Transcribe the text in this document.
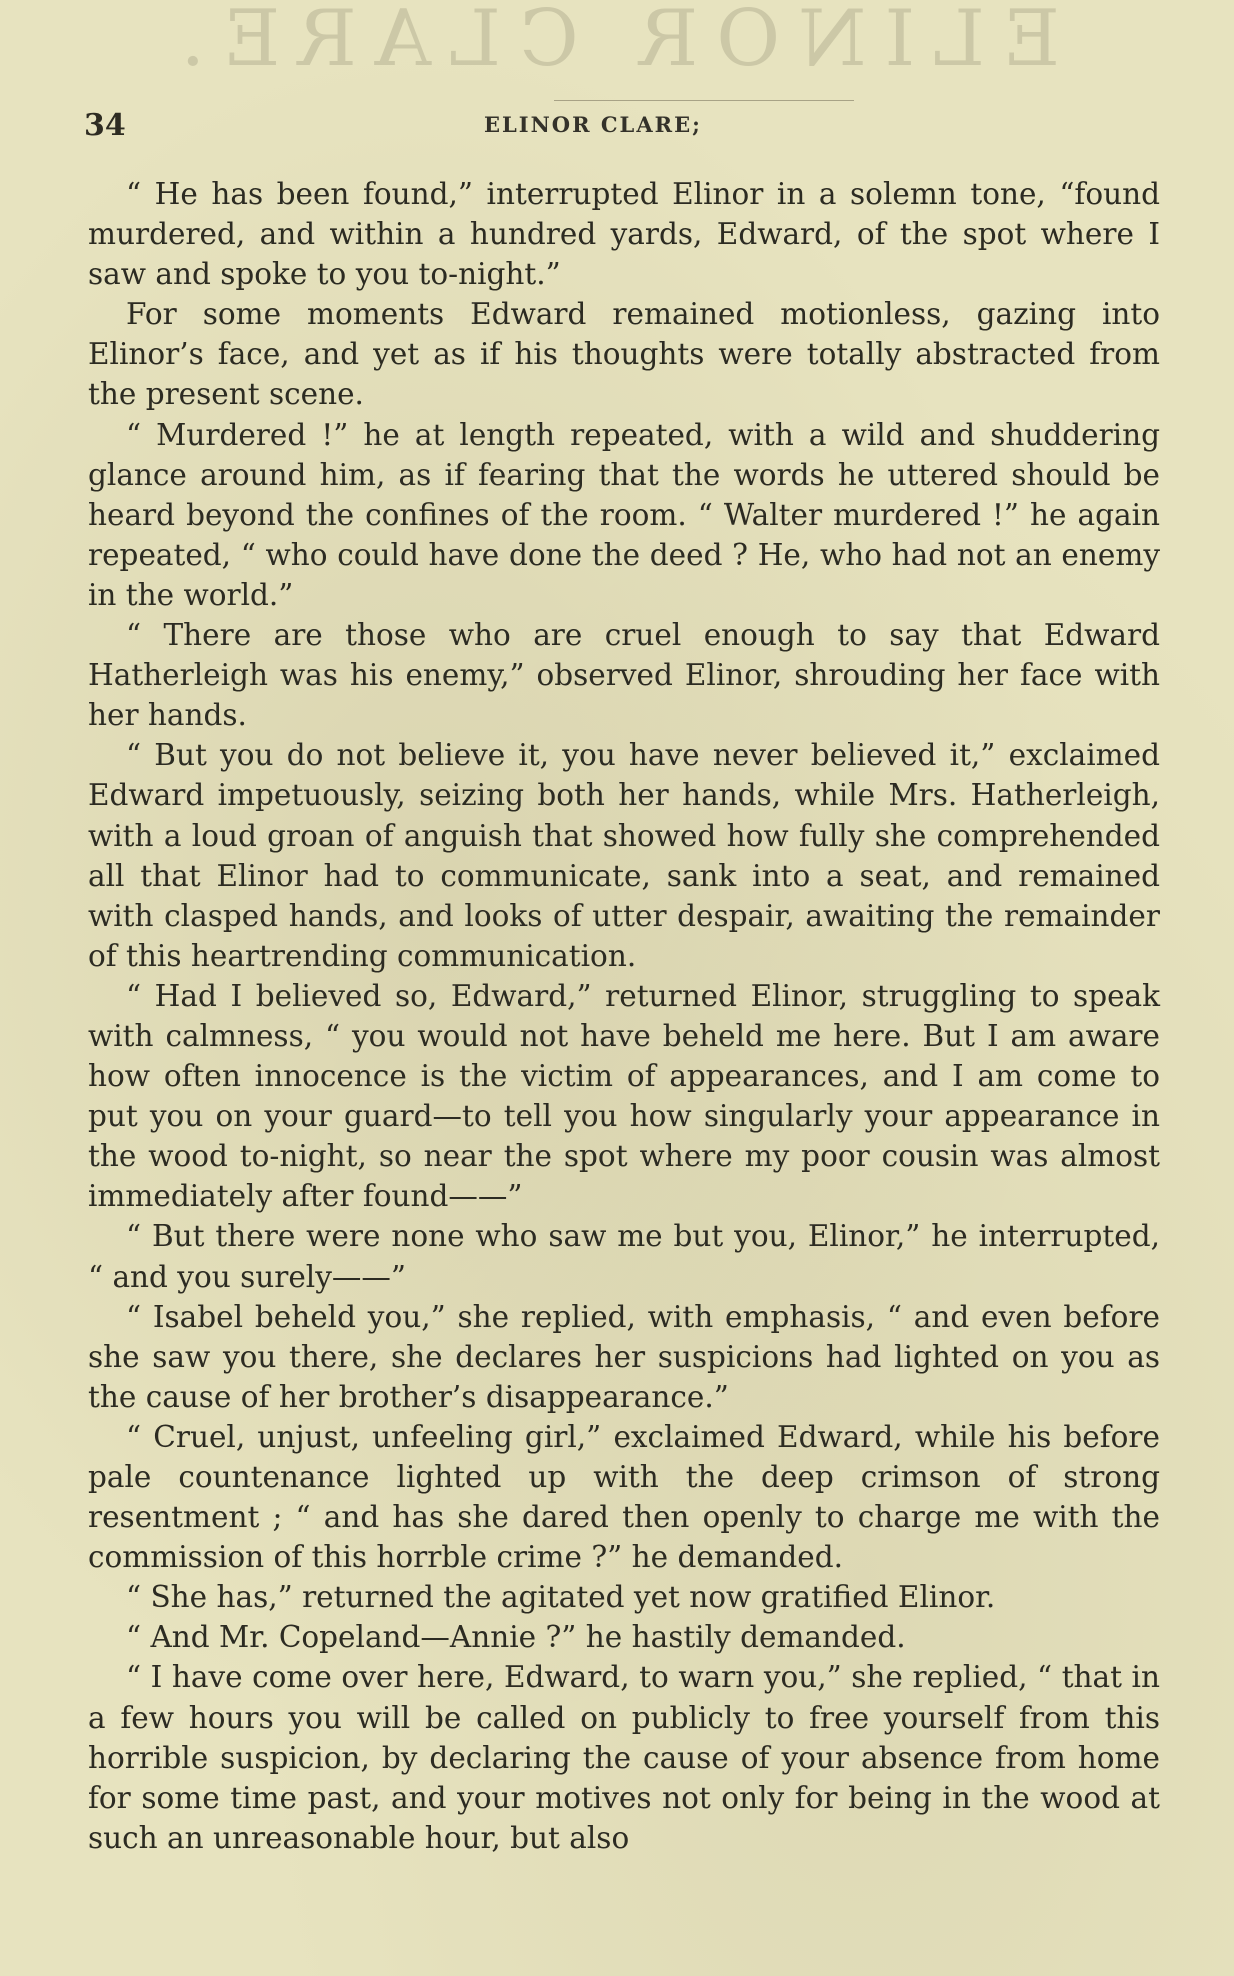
ELINOR CLARE.
34	ELINOR CLARE;

“ He has been found,” interrupted Elinor in a solemn tone, “found murdered, and within a hundred yards, Edward, of the spot where I saw and spoke to you to-night.”

For some moments Edward remained motionless, gazing into Elinor’s face, and yet as if his thoughts were totally abstracted from the present scene.

“ Murdered !” he at length repeated, with a wild and shuddering glance around him, as if fearing that the words he uttered should be heard beyond the confines of the room. “ Walter murdered !” he again repeated, “ who could have done the deed ? He, who had not an enemy in the world.”

“ There are those who are cruel enough to say that Edward Hatherleigh was his enemy,” observed Elinor, shrouding her face with her hands.

“ But you do not believe it, you have never believed it,” exclaimed Edward impetuously, seizing both her hands, while Mrs. Hatherleigh, with a loud groan of anguish that showed how fully she comprehended all that Elinor had to communicate, sank into a seat, and remained with clasped hands, and looks of utter despair, awaiting the remainder of this heartrending communication.

“ Had I believed so, Edward,” returned Elinor, struggling to speak with calmness, “ you would not have beheld me here. But I am aware how often innocence is the victim of appearances, and I am come to put you on your guard—to tell you how singularly your appearance in the wood to-night, so near the spot where my poor cousin was almost immediately after found——”

“ But there were none who saw me but you, Elinor,” he interrupted, “ and you surely——”

“ Isabel beheld you,” she replied, with emphasis, “ and even before she saw you there, she declares her suspicions had lighted on you as the cause of her brother’s disappearance.”

“ Cruel, unjust, unfeeling girl,” exclaimed Edward, while his before pale countenance lighted up with the deep crimson of strong resentment ; “ and has she dared then openly to charge me with the commission of this horrble crime ?” he demanded.

“ She has,” returned the agitated yet now gratified Elinor.

“ And Mr. Copeland—Annie ?” he hastily demanded.

“ I have come over here, Edward, to warn you,” she replied, “ that in a few hours you will be called on publicly to free yourself from this horrible suspicion, by declaring the cause of your absence from home for some time past, and your motives not only for being in the wood at such an unreasonable hour, but also
